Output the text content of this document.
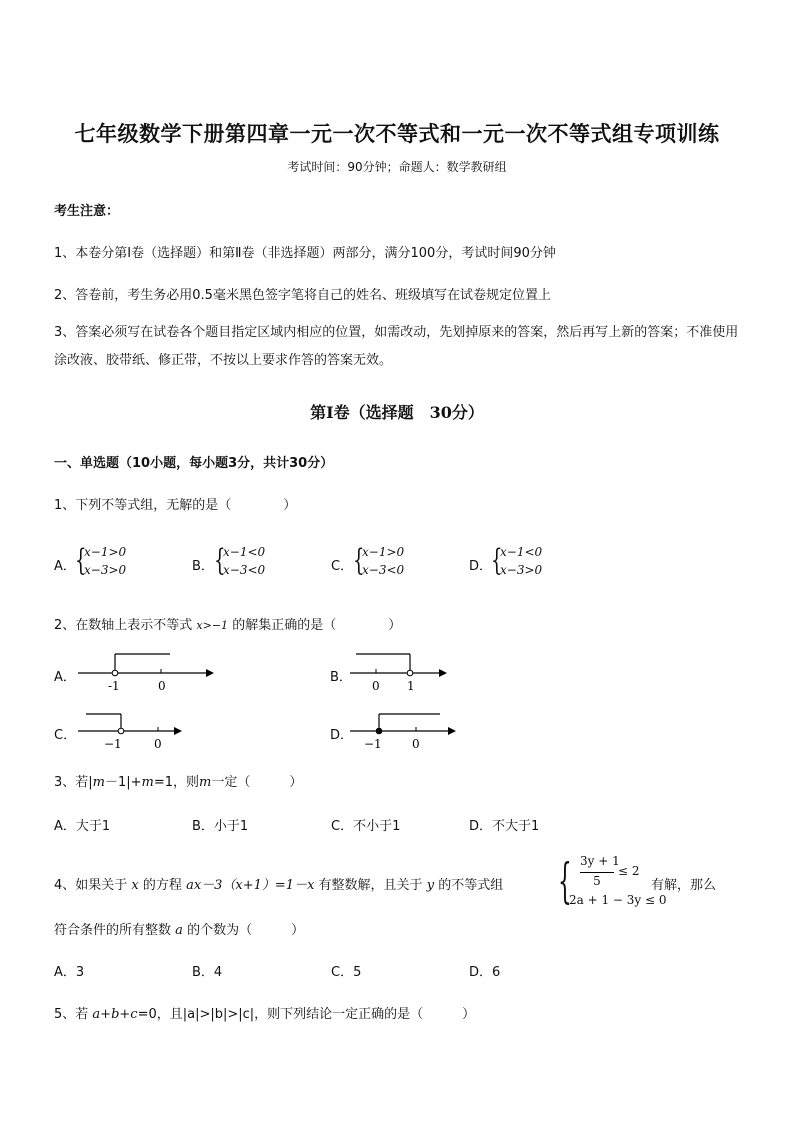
七年级数学下册第四章一元一次不等式和一元一次不等式组专项训练
考试时间：90分钟；命题人：数学教研组
考生注意：
1、本卷分第Ⅰ卷（选择题）和第Ⅱ卷（非选择题）两部分，满分100分，考试时间90分钟
2、答卷前，考生务必用0.5毫米黑色签字笔将自己的姓名、班级填写在试卷规定位置上
3、答案必须写在试卷各个题目指定区域内相应的位置，如需改动，先划掉原来的答案，然后再写上新的答案；不准使用涂改液、胶带纸、修正带，不按以上要求作答的答案无效。
第Ⅰ卷（选择题　30分）
一、单选题（10小题，每小题3分，共计30分）
1、下列不等式组，无解的是（　　　　）
A． {
x−1>0
x−3>0	B． {
x−1<0
x−3<0	C． {
x−1>0
x−3<0	D．
{
x−1<0
x−3>0
2、在数轴上表示不等式 x>−1 的解集正确的是（　　　　）
A．
-1	0
B．
0 1
C．
−1	0
D．
−1	0
3、若|m－1|+m=1，则m一定（　　　）
A．大于1	B．小于1	C．不小于1	D．不大于1
4、如果关于 x 的方程 ax－3（x+1）=1－x 有整数解，且关于 y 的不等式组 { 3y + 1
5
≤ 2
2a + 1 − 3y ≤ 0
有解，那么
符合条件的所有整数 a 的个数为（　　　）
A．3	B．4	C．5	D．6
5、若 a+b+c=0，且|a|>|b|>|c|，则下列结论一定正确的是（　　　）
